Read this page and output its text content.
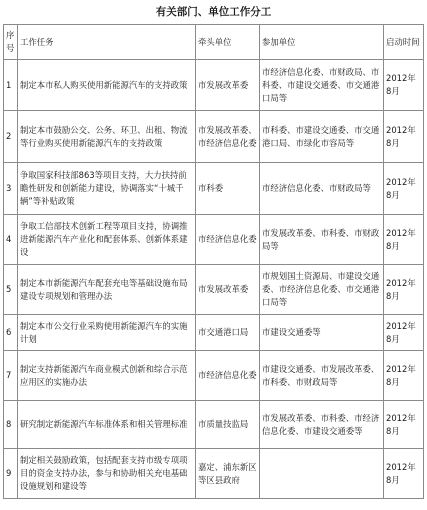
有关部门、单位工作分工
序号	工作任务	牵头单位	参加单位	启动时间
1	制定本市私人购买使用新能源汽车的支持政策	市发展改革委	市经济信息化委、市财政局、市科委、市建设交通委、市交通港口局等	2012年8月
2	制定本市鼓励公交、公务、环卫、出租、物流等行业购买使用新能源汽车的支持政策	市发展改革委、市经济信息化委	市科委、市建设交通委、市交通港口局、市绿化市容局等	2012年8月
3	争取国家科技部863等项目支持，大力扶持前瞻性研发和创新能力建设，协调落实“十城千辆”等补贴政策	市科委	市经济信息化委、市财政局等	2012年8月
4	争取工信部技术创新工程等项目支持，协调推进新能源汽车产业化和配套体系、创新体系建设	市经济信息化委	市发展改革委、市科委、市财政局等	2012年8月
5	制定本市新能源汽车配套充电等基础设施布局建设专项规划和管理办法	市发展改革委	市规划国土资源局、市建设交通委、市经济信息化委、市交通港口局等	2012年8月
6	制定本市公交行业采购使用新能源汽车的实施计划	市交通港口局	市建设交通委等	2012年8月
7	制定支持新能源汽车商业模式创新和综合示范应用区的实施办法	市经济信息化委	市建设交通委、市发展改革委、市科委、市财政局等	2012年8月
8	研究制定新能源汽车标准体系和相关管理标准	市质量技监局	市发展改革委、市科委、市经济信息化委、市建设交通委等	2012年8月
9	制定相关鼓励政策，包括配套支持市级专项项目的资金支持办法，参与和协助相关充电基础设施规划和建设等	嘉定、浦东新区等区县政府		2012年8月
